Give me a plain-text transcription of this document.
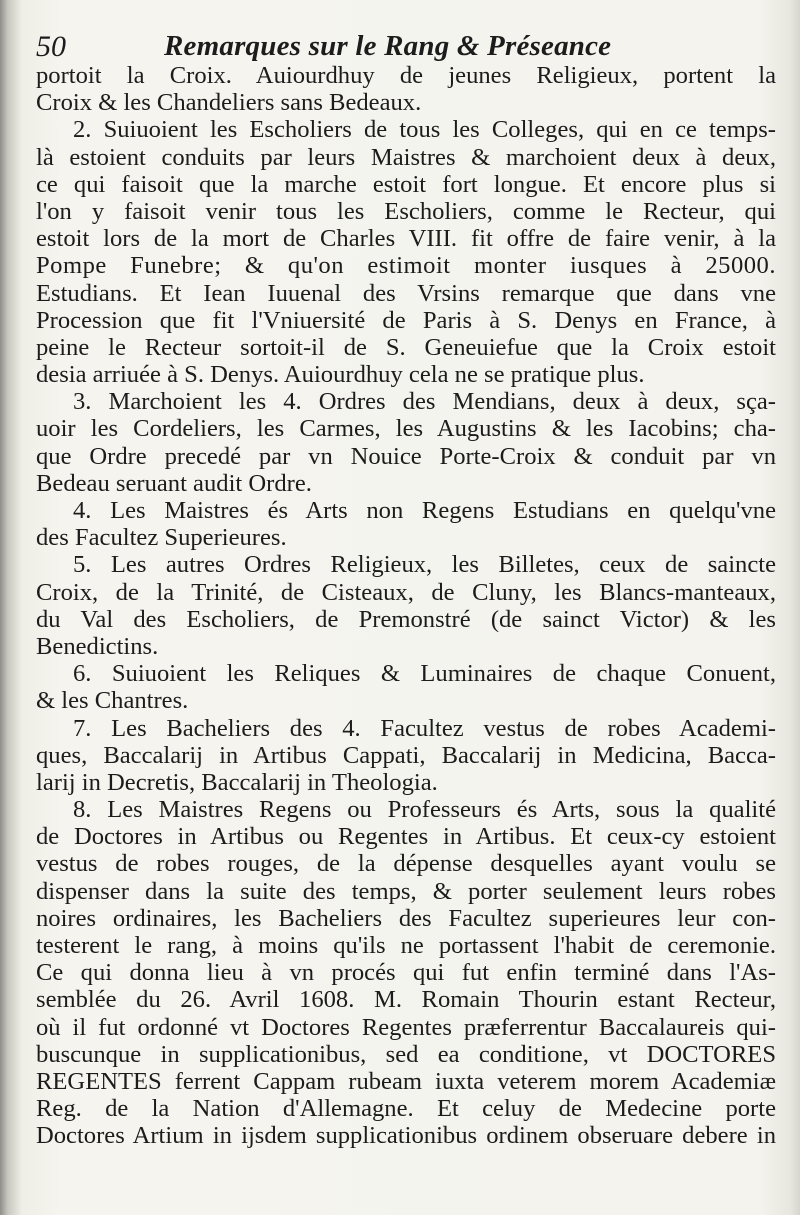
50	Remarques sur le Rang & Préseance
portoit la Croix. Auiourdhuy de jeunes Religieux, portent la
Croix & les Chandeliers sans Bedeaux.
2. Suiuoient les Escholiers de tous les Colleges, qui en ce temps-
là estoient conduits par leurs Maistres & marchoient deux à deux,
ce qui faisoit que la marche estoit fort longue. Et encore plus si
l'on y faisoit venir tous les Escholiers, comme le Recteur, qui
estoit lors de la mort de Charles VIII. fit offre de faire venir, à la
Pompe Funebre; & qu'on estimoit monter iusques à 25000.
Estudians. Et Iean Iuuenal des Vrsins remarque que dans vne
Procession que fit l'Vniuersité de Paris à S. Denys en France, à
peine le Recteur sortoit-il de S. Geneuiefue que la Croix estoit
desia arriuée à S. Denys. Auiourdhuy cela ne se pratique plus.
3. Marchoient les 4. Ordres des Mendians, deux à deux, sça-
uoir les Cordeliers, les Carmes, les Augustins & les Iacobins; cha-
que Ordre precedé par vn Nouice Porte-Croix & conduit par vn
Bedeau seruant audit Ordre.
4. Les Maistres és Arts non Regens Estudians en quelqu'vne
des Facultez Superieures.
5. Les autres Ordres Religieux, les Billetes, ceux de saincte
Croix, de la Trinité, de Cisteaux, de Cluny, les Blancs-manteaux,
du Val des Escholiers, de Premonstré (de sainct Victor) & les
Benedictins.
6. Suiuoient les Reliques & Luminaires de chaque Conuent,
& les Chantres.
7. Les Bacheliers des 4. Facultez vestus de robes Academi-
ques, Baccalarij in Artibus Cappati, Baccalarij in Medicina, Bacca-
larij in Decretis, Baccalarij in Theologia.
8. Les Maistres Regens ou Professeurs és Arts, sous la qualité
de Doctores in Artibus ou Regentes in Artibus. Et ceux-cy estoient
vestus de robes rouges, de la dépense desquelles ayant voulu se
dispenser dans la suite des temps, & porter seulement leurs robes
noires ordinaires, les Bacheliers des Facultez superieures leur con-
testerent le rang, à moins qu'ils ne portassent l'habit de ceremonie.
Ce qui donna lieu à vn procés qui fut enfin terminé dans l'As-
semblée du 26. Avril 1608. M. Romain Thourin estant Recteur,
où il fut ordonné vt Doctores Regentes præferrentur Baccalaureis qui-
buscunque in supplicationibus, sed ea conditione, vt DOCTORES
REGENTES ferrent Cappam rubeam iuxta veterem morem Academiæ
Reg. de la Nation d'Allemagne. Et celuy de Medecine porte
Doctores Artium in ijsdem supplicationibus ordinem obseruare debere in
